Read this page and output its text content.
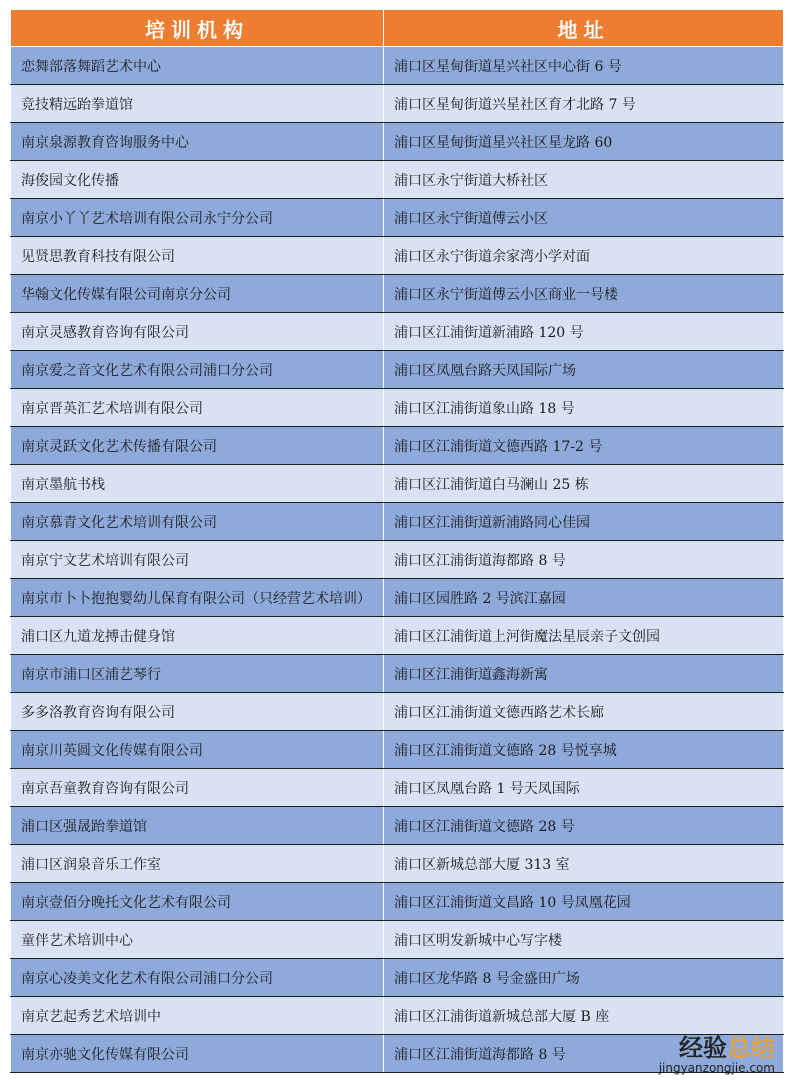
培训机构	地址
恋舞部落舞蹈艺术中心	浦口区星甸街道星兴社区中心街 6 号
竞技精远跆拳道馆	浦口区星甸街道兴星社区育才北路 7 号
南京泉源教育咨询服务中心	浦口区星甸街道星兴社区星龙路 60
海俊园文化传播	浦口区永宁街道大桥社区
南京小丫丫艺术培训有限公司永宁分公司	浦口区永宁街道傅云小区
见贤思教育科技有限公司	浦口区永宁街道余家湾小学对面
华翰文化传媒有限公司南京分公司	浦口区永宁街道傅云小区商业一号楼
南京灵感教育咨询有限公司	浦口区江浦街道新浦路 120 号
南京爱之音文化艺术有限公司浦口分公司	浦口区凤凰台路天凤国际广场
南京晋英汇艺术培训有限公司	浦口区江浦街道象山路 18 号
南京灵跃文化艺术传播有限公司	浦口区江浦街道文德西路 17-2 号
南京墨航书栈	浦口区江浦街道白马澜山 25 栋
南京慕青文化艺术培训有限公司	浦口区江浦街道新浦路同心佳园
南京宁文艺术培训有限公司	浦口区江浦街道海都路 8 号
南京市卜卜抱抱婴幼儿保育有限公司（只经营艺术培训）	浦口区园胜路 2 号滨江嘉园
浦口区九道龙搏击健身馆	浦口区江浦街道上河街魔法星辰亲子文创园
南京市浦口区浦艺琴行	浦口区江浦街道鑫海新寓
多多洛教育咨询有限公司	浦口区江浦街道文德西路艺术长廊
南京川英圆文化传媒有限公司	浦口区江浦街道文德路 28 号悦享城
南京吾童教育咨询有限公司	浦口区凤凰台路 1 号天凤国际
浦口区强晟跆拳道馆	浦口区江浦街道文德路 28 号
浦口区润泉音乐工作室	浦口区新城总部大厦 313 室
南京壹佰分晚托文化艺术有限公司	浦口区江浦街道文昌路 10 号凤凰花园
童伴艺术培训中心	浦口区明发新城中心写字楼
南京心凌美文化艺术有限公司浦口分公司	浦口区龙华路 8 号金盛田广场
南京艺起秀艺术培训中	浦口区江浦街道新城总部大厦 B 座
南京亦驰文化传媒有限公司	浦口区江浦街道海都路 8 号	经验总结
jingyanzongjie.com
